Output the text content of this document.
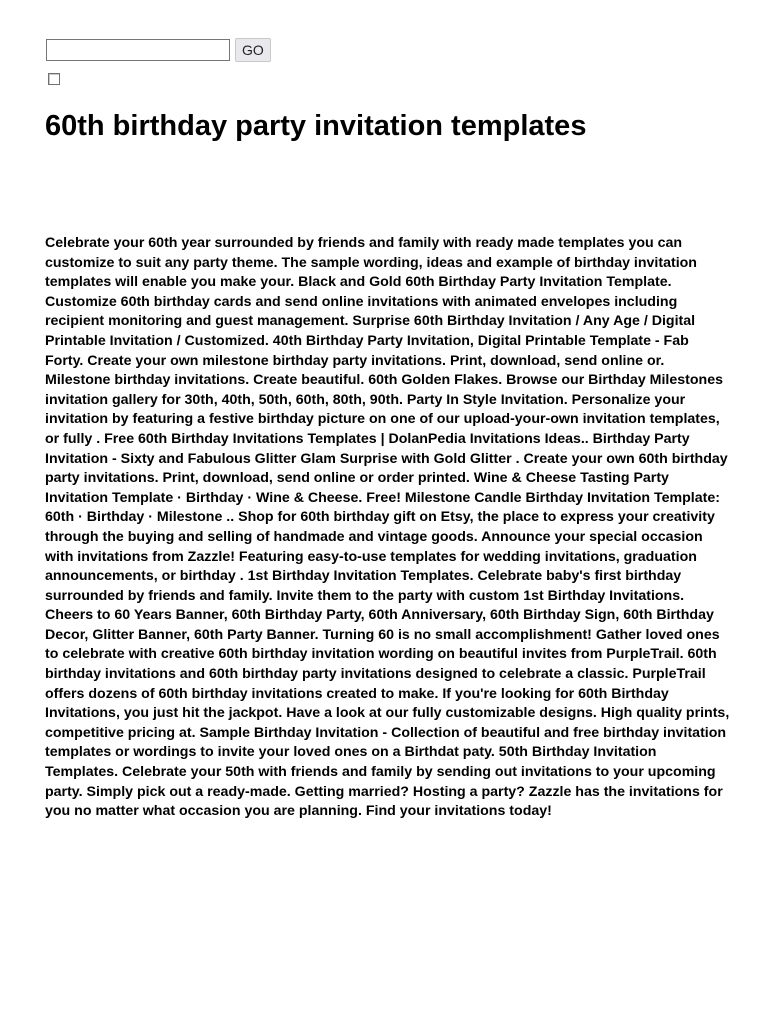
GO
60th birthday party invitation templates

Celebrate your 60th year surrounded by friends and family with ready made templates you can customize to suit any party theme. The sample wording, ideas and example of birthday invitation templates will enable you make your. Black and Gold 60th Birthday Party Invitation Template. Customize 60th birthday cards and send online invitations with animated envelopes including recipient monitoring and guest management. Surprise 60th Birthday Invitation / Any Age / Digital Printable Invitation / Customized. 40th Birthday Party Invitation, Digital Printable Template - Fab Forty. Create your own milestone birthday party invitations. Print, download, send online or. Milestone birthday invitations. Create beautiful. 60th Golden Flakes. Browse our Birthday Milestones invitation gallery for 30th, 40th, 50th, 60th, 80th, 90th. Party In Style Invitation. Personalize your invitation by featuring a festive birthday picture on one of our upload-your-own invitation templates, or fully . Free 60th Birthday Invitations Templates | DolanPedia Invitations Ideas.. Birthday Party Invitation - Sixty and Fabulous Glitter Glam Surprise with Gold Glitter . Create your own 60th birthday party invitations. Print, download, send online or order printed. Wine & Cheese Tasting Party Invitation Template · Birthday · Wine & Cheese. Free! Milestone Candle Birthday Invitation Template: 60th · Birthday · Milestone .. Shop for 60th birthday gift on Etsy, the place to express your creativity through the buying and selling of handmade and vintage goods. Announce your special occasion with invitations from Zazzle! Featuring easy-to-use templates for wedding invitations, graduation announcements, or birthday . 1st Birthday Invitation Templates. Celebrate baby's first birthday surrounded by friends and family. Invite them to the party with custom 1st Birthday Invitations. Cheers to 60 Years Banner, 60th Birthday Party, 60th Anniversary, 60th Birthday Sign, 60th Birthday Decor, Glitter Banner, 60th Party Banner. Turning 60 is no small accomplishment! Gather loved ones to celebrate with creative 60th birthday invitation wording on beautiful invites from PurpleTrail. 60th birthday invitations and 60th birthday party invitations designed to celebrate a classic. PurpleTrail offers dozens of 60th birthday invitations created to make. If you're looking for 60th Birthday Invitations, you just hit the jackpot. Have a look at our fully customizable designs. High quality prints, competitive pricing at. Sample Birthday Invitation - Collection of beautiful and free birthday invitation templates or wordings to invite your loved ones on a Birthdat paty. 50th Birthday Invitation Templates. Celebrate your 50th with friends and family by sending out invitations to your upcoming party. Simply pick out a ready-made. Getting married? Hosting a party? Zazzle has the invitations for you no matter what occasion you are planning. Find your invitations today!
